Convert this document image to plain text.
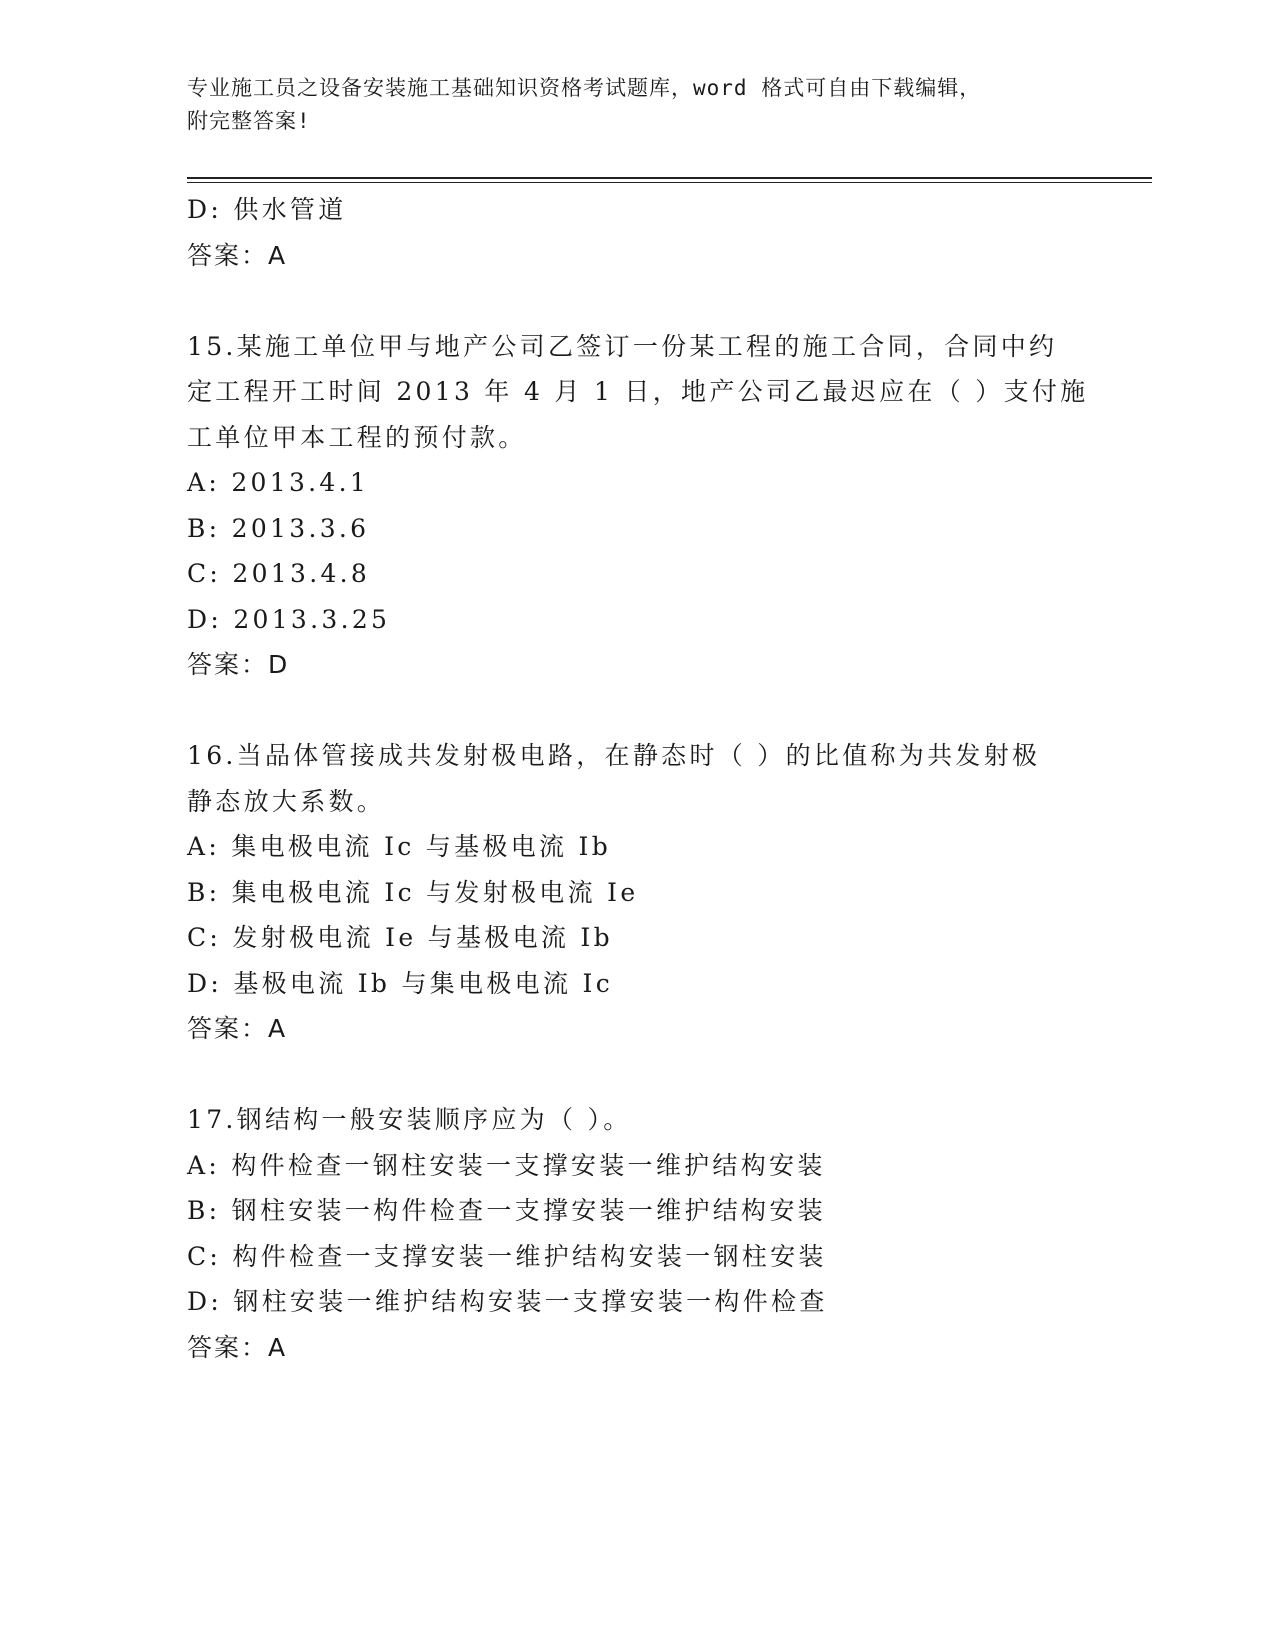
专业施工员之设备安装施工基础知识资格考试题库，word 格式可自由下载编辑，
附完整答案!
D: 供水管道
答案：A
15.某施工单位甲与地产公司乙签订一份某工程的施工合同，合同中约
定工程开工时间 2013 年 4 月 1 日，地产公司乙最迟应在（ ）支付施
工单位甲本工程的预付款。
A: 2013.4.1
B: 2013.3.6
C: 2013.4.8
D: 2013.3.25
答案：D
16.当品体管接成共发射极电路，在静态时（ ）的比值称为共发射极
静态放大系数。
A: 集电极电流 Ic 与基极电流 Ib
B: 集电极电流 Ic 与发射极电流 Ie
C: 发射极电流 Ie 与基极电流 Ib
D: 基极电流 Ib 与集电极电流 Ic
答案：A
17.钢结构一般安装顺序应为（ ）。
A: 构件检查一钢柱安装一支撑安装一维护结构安装
B: 钢柱安装一构件检查一支撑安装一维护结构安装
C: 构件检查一支撑安装一维护结构安装一钢柱安装
D: 钢柱安装一维护结构安装一支撑安装一构件检查
答案：A
